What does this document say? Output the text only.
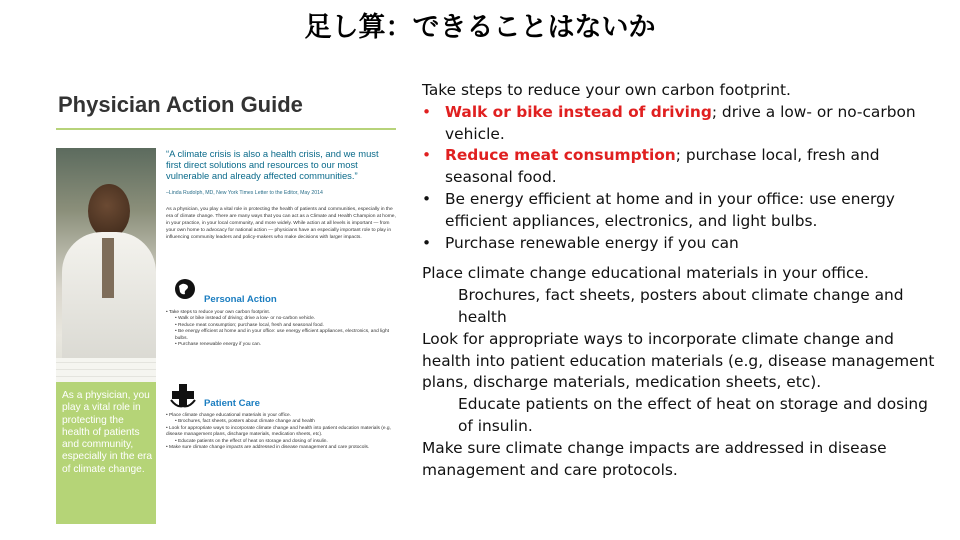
足し算：できることはないか
Physician Action Guide
As a physician, you play a vital role in protecting the health of patients and community, especially in the era of climate change.
“A climate crisis is also a health crisis, and we must first direct solutions and resources to our most vulnerable and already affected communities.”
–Linda Rudolph, MD, New York Times Letter to the Editor, May 2014
As a physician, you play a vital role in protecting the health of patients and communities, especially in the era of climate change. There are many ways that you can act as a Climate and Health Champion at home, in your practice, in your local community, and more widely. While action at all levels is important — from your own home to advocacy for national action — physicians have an especially important role to play in influencing community leaders and policy-makers who make decisions with larger impacts.
Personal Action
• Take steps to reduce your own carbon footprint.
• Walk or bike instead of driving; drive a low- or no-carbon vehicle.
• Reduce meat consumption; purchase local, fresh and seasonal food.
• Be energy efficient at home and in your office: use energy efficient appliances, electronics, and light bulbs.
• Purchase renewable energy if you can.
Patient Care
• Place climate change educational materials in your office.
• Brochures, fact sheets, posters about climate change and health
• Look for appropriate ways to incorporate climate change and health into patient education materials (e.g, disease management plans, discharge materials, medication sheets, etc).
• Educate patients on the effect of heat on storage and dosing of insulin.
• Make sure climate change impacts are addressed in disease management and care protocols.

Take steps to reduce your own carbon footprint.

• Walk or bike instead of driving; drive a low- or no-carbon vehicle.
• Reduce meat consumption; purchase local, fresh and seasonal food.
• Be energy efficient at home and in your office: use energy efficient appliances, electronics, and light bulbs.
• Purchase renewable energy if you can

Place climate change educational materials in your office.

Brochures, fact sheets, posters about climate change and health

Look for appropriate ways to incorporate climate change and health into patient education materials (e.g, disease management plans, discharge materials, medication sheets, etc).

Educate patients on the effect of heat on storage and dosing of insulin.

Make sure climate change impacts are addressed in disease management and care protocols.
